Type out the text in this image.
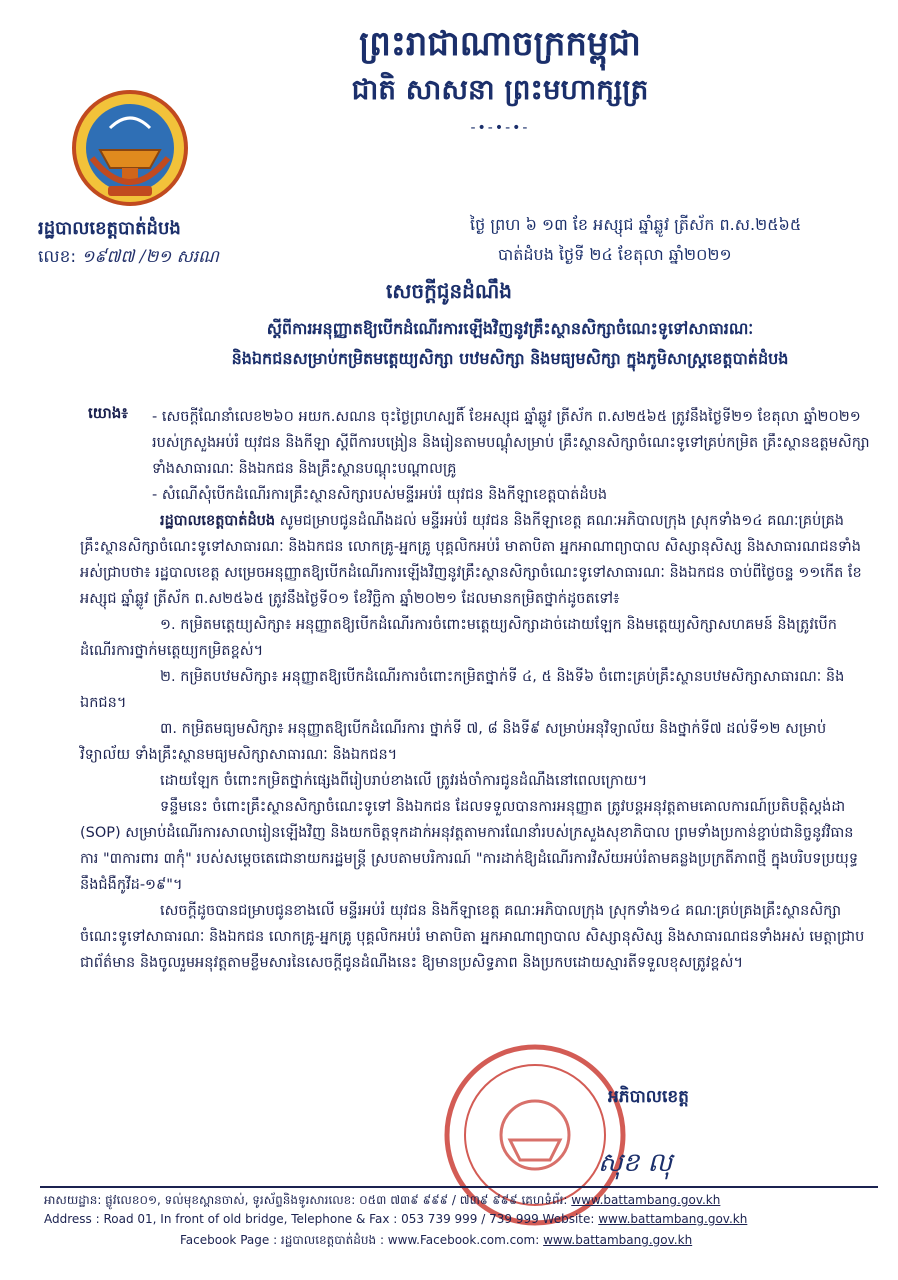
ព្រះរាជាណាចក្រកម្ពុជា
ជាតិ សាសនា ព្រះមហាក្សត្រ
-•-•-•-
រដ្ឋបាលខេត្តបាត់ដំបង
លេខ: ១៩៧៧ /២១ សរណ
ថ្ងៃ ព្រហ ៦ ១៣ ខែ អស្សុជ ឆ្នាំឆ្លូវ ត្រីស័ក ព.ស.២៥៦៥
បាត់ដំបង ថ្ងៃទី ២៤ ខែតុលា ឆ្នាំ២០២១
សេចក្តីជូនដំណឹង
ស្តីពីការអនុញ្ញាតឱ្យបើកដំណើរការឡើងវិញនូវគ្រឹះស្ថានសិក្សាចំណេះទូទៅសាធារណៈ
និងឯកជនសម្រាប់កម្រិតមត្តេយ្យសិក្សា បឋមសិក្សា និងមធ្យមសិក្សា ក្នុងភូមិសាស្ត្រខេត្តបាត់ដំបង
យោង៖	- សេចក្តីណែនាំលេខ២៦០ អយក.សណន ចុះថ្ងៃព្រហស្បតិ៍ ខែអស្សុជ ឆ្នាំឆ្លូវ ត្រីស័ក ព.ស២៥៦៥ ត្រូវនឹងថ្ងៃទី២១ ខែតុលា ឆ្នាំ២០២១ របស់ក្រសួងអប់រំ យុវជន និងកីឡា ស្តីពីការបង្រៀន និងរៀនតាមបណ្តុំសម្រាប់ គ្រឹះស្ថានសិក្សាចំណេះទូទៅគ្រប់កម្រិត គ្រឹះស្ថានឧត្តមសិក្សាទាំងសាធារណៈ និងឯកជន និងគ្រឹះស្ថានបណ្តុះបណ្តាលគ្រូ

- សំណើសុំបើកដំណើរការគ្រឹះស្ថានសិក្សារបស់មន្ទីរអប់រំ យុវជន និងកីឡាខេត្តបាត់ដំបង

រដ្ឋបាលខេត្តបាត់ដំបង សូមជម្រាបជូនដំណឹងដល់ មន្ទីរអប់រំ យុវជន និងកីឡាខេត្ត គណៈអភិបាលក្រុង ស្រុកទាំង១៤ គណៈគ្រប់គ្រងគ្រឹះស្ថានសិក្សាចំណេះទូទៅសាធារណៈ និងឯកជន លោកគ្រូ-អ្នកគ្រូ បុគ្គលិកអប់រំ មាតាបិតា អ្នកអាណាព្យាបាល សិស្សានុសិស្ស និងសាធារណជនទាំងអស់ជ្រាបថា៖ រដ្ឋបាលខេត្ត សម្រេចអនុញ្ញាតឱ្យបើកដំណើរការឡើងវិញនូវគ្រឹះស្ថានសិក្សាចំណេះទូទៅសាធារណៈ និងឯកជន ចាប់ពីថ្ងៃចន្ទ ១១កើត ខែអស្សុជ ឆ្នាំឆ្លូវ ត្រីស័ក ព.ស២៥៦៥ ត្រូវនឹងថ្ងៃទី០១ ខែវិច្ឆិកា ឆ្នាំ២០២១ ដែលមានកម្រិតថ្នាក់ដូចតទៅ៖

១. កម្រិតមត្តេយ្យសិក្សា៖ អនុញ្ញាតឱ្យបើកដំណើរការចំពោះមត្តេយ្យសិក្សាដាច់ដោយឡែក និងមត្តេយ្យសិក្សាសហគមន៍ និងត្រូវបើកដំណើរការថ្នាក់មត្តេយ្យកម្រិតខ្ពស់។

២. កម្រិតបឋមសិក្សា៖ អនុញ្ញាតឱ្យបើកដំណើរការចំពោះកម្រិតថ្នាក់ទី ៤, ៥ និងទី៦ ចំពោះគ្រប់គ្រឹះស្ថានបឋមសិក្សាសាធារណៈ និងឯកជន។

៣. កម្រិតមធ្យមសិក្សា៖ អនុញ្ញាតឱ្យបើកដំណើរការ ថ្នាក់ទី ៧, ៨ និងទី៩ សម្រាប់អនុវិទ្យាល័យ និងថ្នាក់ទី៧ ដល់ទី១២ សម្រាប់វិទ្យាល័យ ទាំងគ្រឹះស្ថានមធ្យមសិក្សាសាធារណៈ និងឯកជន។

ដោយឡែក ចំពោះកម្រិតថ្នាក់ផ្សេងពីរៀបរាប់ខាងលើ ត្រូវរង់ចាំការជូនដំណឹងនៅពេលក្រោយ។

ទន្ទឹមនេះ ចំពោះគ្រឹះស្ថានសិក្សាចំណេះទូទៅ និងឯកជន ដែលទទួលបានការអនុញ្ញាត ត្រូវបន្តអនុវត្តតាមគោលការណ៍ប្រតិបត្តិស្តង់ដា (SOP) សម្រាប់ដំណើរការសាលារៀនឡើងវិញ និងយកចិត្តទុកដាក់អនុវត្តតាមការណែនាំរបស់ក្រសួងសុខាភិបាល ព្រមទាំងប្រកាន់ខ្ជាប់ជានិច្ចនូវវិធានការ "៣ការពារ ៣កុំ" របស់សម្តេចតេជោនាយករដ្ឋមន្ត្រី ស្របតាមបរិការណ៍ "ការដាក់ឱ្យដំណើរការវិស័យអប់រំតាមគន្លងប្រក្រតីភាពថ្មី ក្នុងបរិបទប្រយុទ្ធនឹងជំងឺកូវីដ-១៩"។

សេចក្តីដូចបានជម្រាបជូនខាងលើ មន្ទីរអប់រំ យុវជន និងកីឡាខេត្ត គណៈអភិបាលក្រុង ស្រុកទាំង១៤ គណៈគ្រប់គ្រងគ្រឹះស្ថានសិក្សាចំណេះទូទៅសាធារណៈ និងឯកជន លោកគ្រូ-អ្នកគ្រូ បុគ្គលិកអប់រំ មាតាបិតា អ្នកអាណាព្យាបាល សិស្សានុសិស្ស និងសាធារណជនទាំងអស់ មេត្តាជ្រាបជាព័ត៌មាន និងចូលរួមអនុវត្តតាមខ្លឹមសារនៃសេចក្តីជូនដំណឹងនេះ ឱ្យមានប្រសិទ្ធភាព និងប្រកបដោយស្មារតីទទួលខុសត្រូវខ្ពស់។

អភិបាលខេត្ត
សុខ លុ
អាសយដ្ឋាន: ផ្លូវលេខ០១, ទល់មុខស្ពានចាស់, ទូរស័ព្ទនិងទូរសារលេខ: ០៥៣ ៧៣៩ ៩៩៩ / ៧៣៩ ៩៩៩ គេហទំព័រ: www.battambang.gov.kh
Address : Road 01, In front of old bridge, Telephone & Fax : 053 739 999 / 739 999 Website: www.battambang.gov.kh
Facebook Page : រដ្ឋបាលខេត្តបាត់ដំបង : www.Facebook.com.com: www.battambang.gov.kh
